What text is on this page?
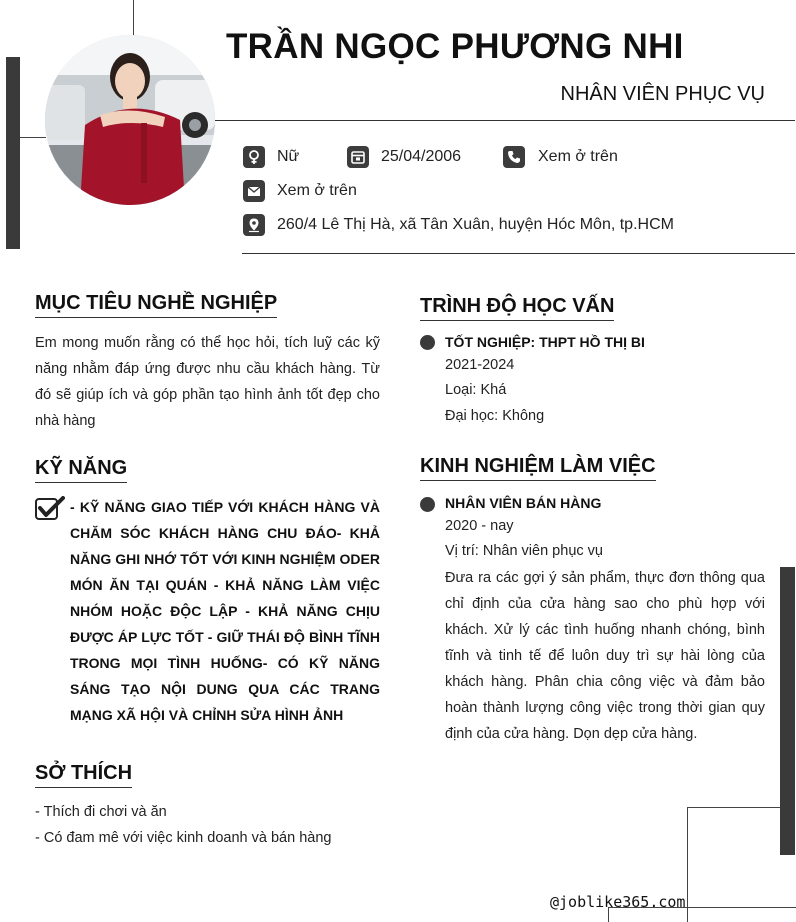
TRẦN NGỌC PHƯƠNG NHI
NHÂN VIÊN PHỤC VỤ
Nữ	25/04/2006	Xem ở trên
Xem ở trên
260/4 Lê Thị Hà, xã Tân Xuân, huyện Hóc Môn, tp.HCM
MỤC TIÊU NGHỀ NGHIỆP
Em mong muốn rằng có thể học hỏi, tích luỹ các kỹ năng nhằm đáp ứng được nhu cầu khách hàng. Từ đó sẽ giúp ích và góp phần tạo hình ảnh tốt đẹp cho nhà hàng
KỸ NĂNG
- KỸ NĂNG GIAO TIẾP VỚI KHÁCH HÀNG VÀ CHĂM SÓC KHÁCH HÀNG CHU ĐÁO- KHẢ NĂNG GHI NHỚ TỐT VỚI KINH NGHIỆM ODER MÓN ĂN TẠI QUÁN - KHẢ NĂNG LÀM VIỆC NHÓM HOẶC ĐỘC LẬP - KHẢ NĂNG CHỊU ĐƯỢC ÁP LỰC TỐT - GIỮ THÁI ĐỘ BÌNH TĨNH TRONG MỌI TÌNH HUỐNG- CÓ KỸ NĂNG SÁNG TẠO NỘI DUNG QUA CÁC TRANG MẠNG XÃ HỘI VÀ CHỈNH SỬA HÌNH ẢNH
SỞ THÍCH
- Thích đi chơi và ăn
- Có đam mê với việc kinh doanh và bán hàng
TRÌNH ĐỘ HỌC VẤN
TỐT NGHIỆP: THPT HỒ THỊ BI
2021-2024
Loại: Khá
Đại học: Không
KINH NGHIỆM LÀM VIỆC
NHÂN VIÊN BÁN HÀNG
2020 - nay
Vị trí: Nhân viên phục vụ
Đưa ra các gợi ý sản phẩm, thực đơn thông qua chỉ định của cửa hàng sao cho phù hợp với khách. Xử lý các tình huống nhanh chóng, bình tĩnh và tinh tế để luôn duy trì sự hài lòng của khách hàng. Phân chia công việc và đảm bảo hoàn thành lượng công việc trong thời gian quy định của cửa hàng. Dọn dẹp cửa hàng.
@joblike365.com
